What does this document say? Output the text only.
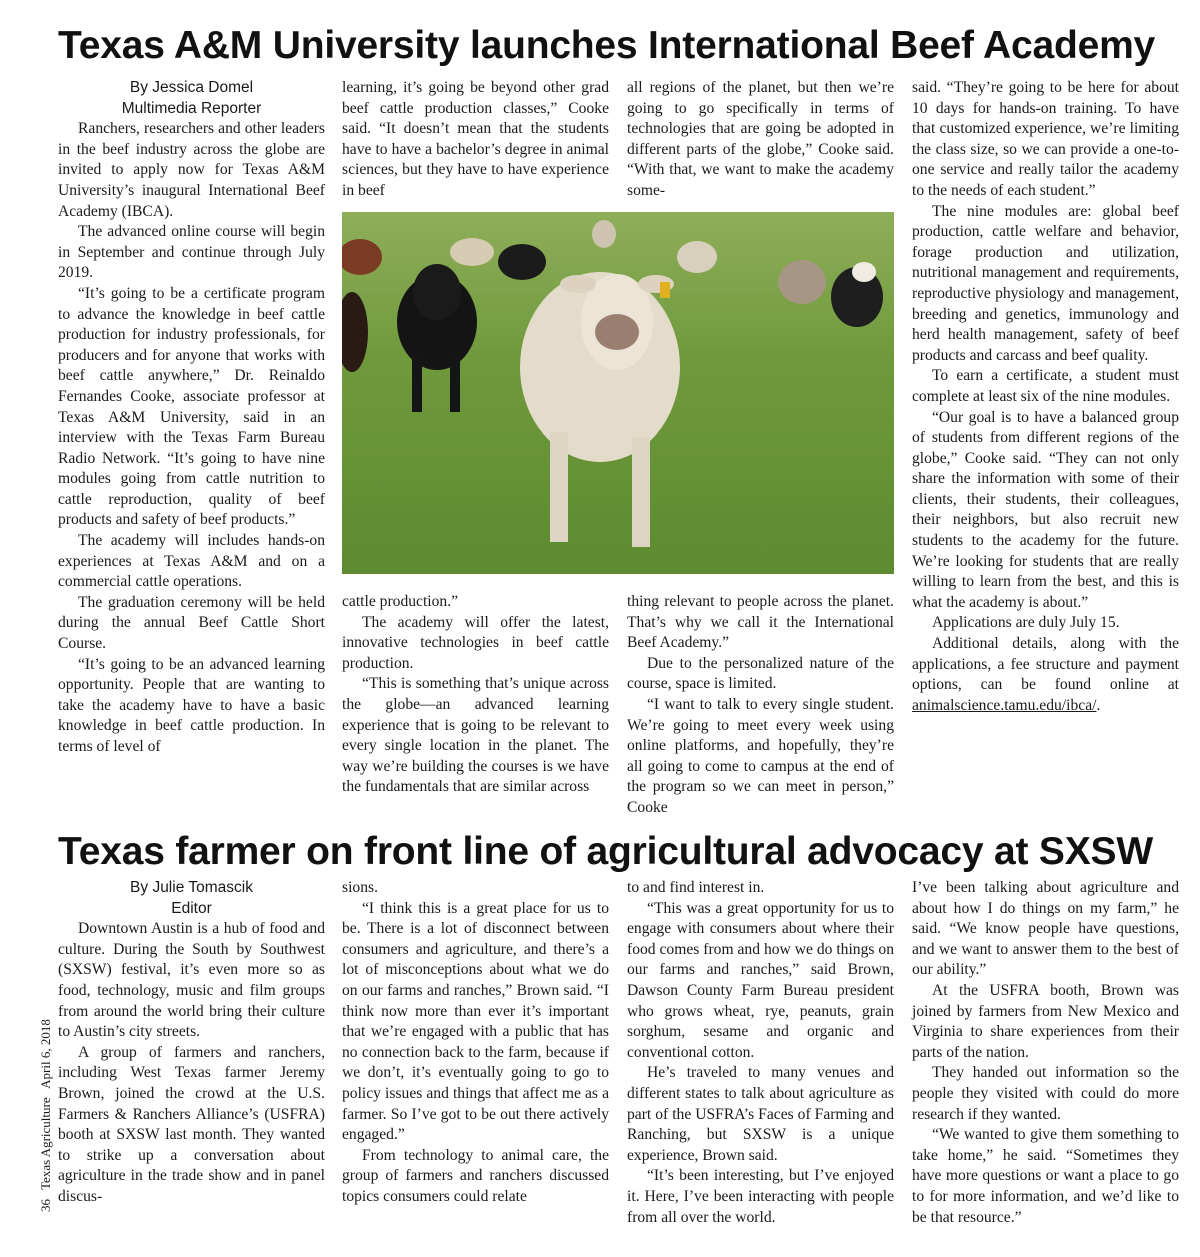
Texas A&M University launches International Beef Academy
By Jessica Domel
Multimedia Reporter

Ranchers, researchers and other leaders in the beef industry across the globe are invited to apply now for Texas A&M University’s inaugural International Beef Academy (IBCA).

The advanced online course will begin in September and continue through July 2019.

“It’s going to be a certificate program to advance the knowledge in beef cattle production for industry professionals, for producers and for anyone that works with beef cattle anywhere,” Dr. Reinaldo Fernandes Cooke, associate professor at Texas A&M University, said in an interview with the Texas Farm Bureau Radio Network. “It’s going to have nine modules going from cattle nutrition to cattle reproduction, quality of beef products and safety of beef products.”

The academy will includes hands-on experiences at Texas A&M and on a commercial cattle operations.

The graduation ceremony will be held during the annual Beef Cattle Short Course.

“It’s going to be an advanced learning opportunity. People that are wanting to take the academy have to have a basic knowledge in beef cattle production. In terms of level of

learning, it’s going be beyond other grad beef cattle production classes,” Cooke said. “It doesn’t mean that the students have to have a bachelor’s degree in animal sciences, but they have to have experience in beef

all regions of the planet, but then we’re going to go specifically in terms of technologies that are going be adopted in different parts of the globe,” Cooke said. “With that, we want to make the academy some-

cattle production.”

The academy will offer the latest, innovative technologies in beef cattle production.

“This is something that’s unique across the globe—an advanced learning experience that is going to be relevant to every single location in the planet. The way we’re building the courses is we have the fundamentals that are similar across

thing relevant to people across the planet. That’s why we call it the International Beef Academy.”

Due to the personalized nature of the course, space is limited.

“I want to talk to every single student. We’re going to meet every week using online platforms, and hopefully, they’re all going to come to campus at the end of the program so we can meet in person,” Cooke

said. “They’re going to be here for about 10 days for hands-on training. To have that customized experience, we’re limiting the class size, so we can provide a one-to-one service and really tailor the academy to the needs of each student.”

The nine modules are: global beef production, cattle welfare and behavior, forage production and utilization, nutritional management and requirements, reproductive physiology and management, breeding and genetics, immunology and herd health management, safety of beef products and carcass and beef quality.

To earn a certificate, a student must complete at least six of the nine modules.

“Our goal is to have a balanced group of students from different regions of the globe,” Cooke said. “They can not only share the information with some of their clients, their students, their colleagues, their neighbors, but also recruit new students to the academy for the future. We’re looking for students that are really willing to learn from the best, and this is what the academy is about.”

Applications are duly July 15.

Additional details, along with the applications, a fee structure and payment options, can be found online at animalscience.tamu.edu/ibca/.

Texas farmer on front line of agricultural advocacy at SXSW
By Julie Tomascik
Editor

Downtown Austin is a hub of food and culture. During the South by Southwest (SXSW) festival, it’s even more so as food, technology, music and film groups from around the world bring their culture to Austin’s city streets.

A group of farmers and ranchers, including West Texas farmer Jeremy Brown, joined the crowd at the U.S. Farmers & Ranchers Alliance’s (USFRA) booth at SXSW last month. They wanted to strike up a conversation about agriculture in the trade show and in panel discus-

sions.

“I think this is a great place for us to be. There is a lot of disconnect between consumers and agriculture, and there’s a lot of misconceptions about what we do on our farms and ranches,” Brown said. “I think now more than ever it’s important that we’re engaged with a public that has no connection back to the farm, because if we don’t, it’s eventually going to go to policy issues and things that affect me as a farmer. So I’ve got to be out there actively engaged.”

From technology to animal care, the group of farmers and ranchers discussed topics consumers could relate

to and find interest in.

“This was a great opportunity for us to engage with consumers about where their food comes from and how we do things on our farms and ranches,” said Brown, Dawson County Farm Bureau president who grows wheat, rye, peanuts, grain sorghum, sesame and organic and conventional cotton.

He’s traveled to many venues and different states to talk about agriculture as part of the USFRA’s Faces of Farming and Ranching, but SXSW is a unique experience, Brown said.

“It’s been interesting, but I’ve enjoyed it. Here, I’ve been interacting with people from all over the world.

I’ve been talking about agriculture and about how I do things on my farm,” he said. “We know people have questions, and we want to answer them to the best of our ability.”

At the USFRA booth, Brown was joined by farmers from New Mexico and Virginia to share experiences from their parts of the nation.

They handed out information so the people they visited with could do more research if they wanted.

“We wanted to give them something to take home,” he said. “Sometimes they have more questions or want a place to go to for more information, and we’d like to be that resource.”

36 Texas Agriculture April 6, 2018
